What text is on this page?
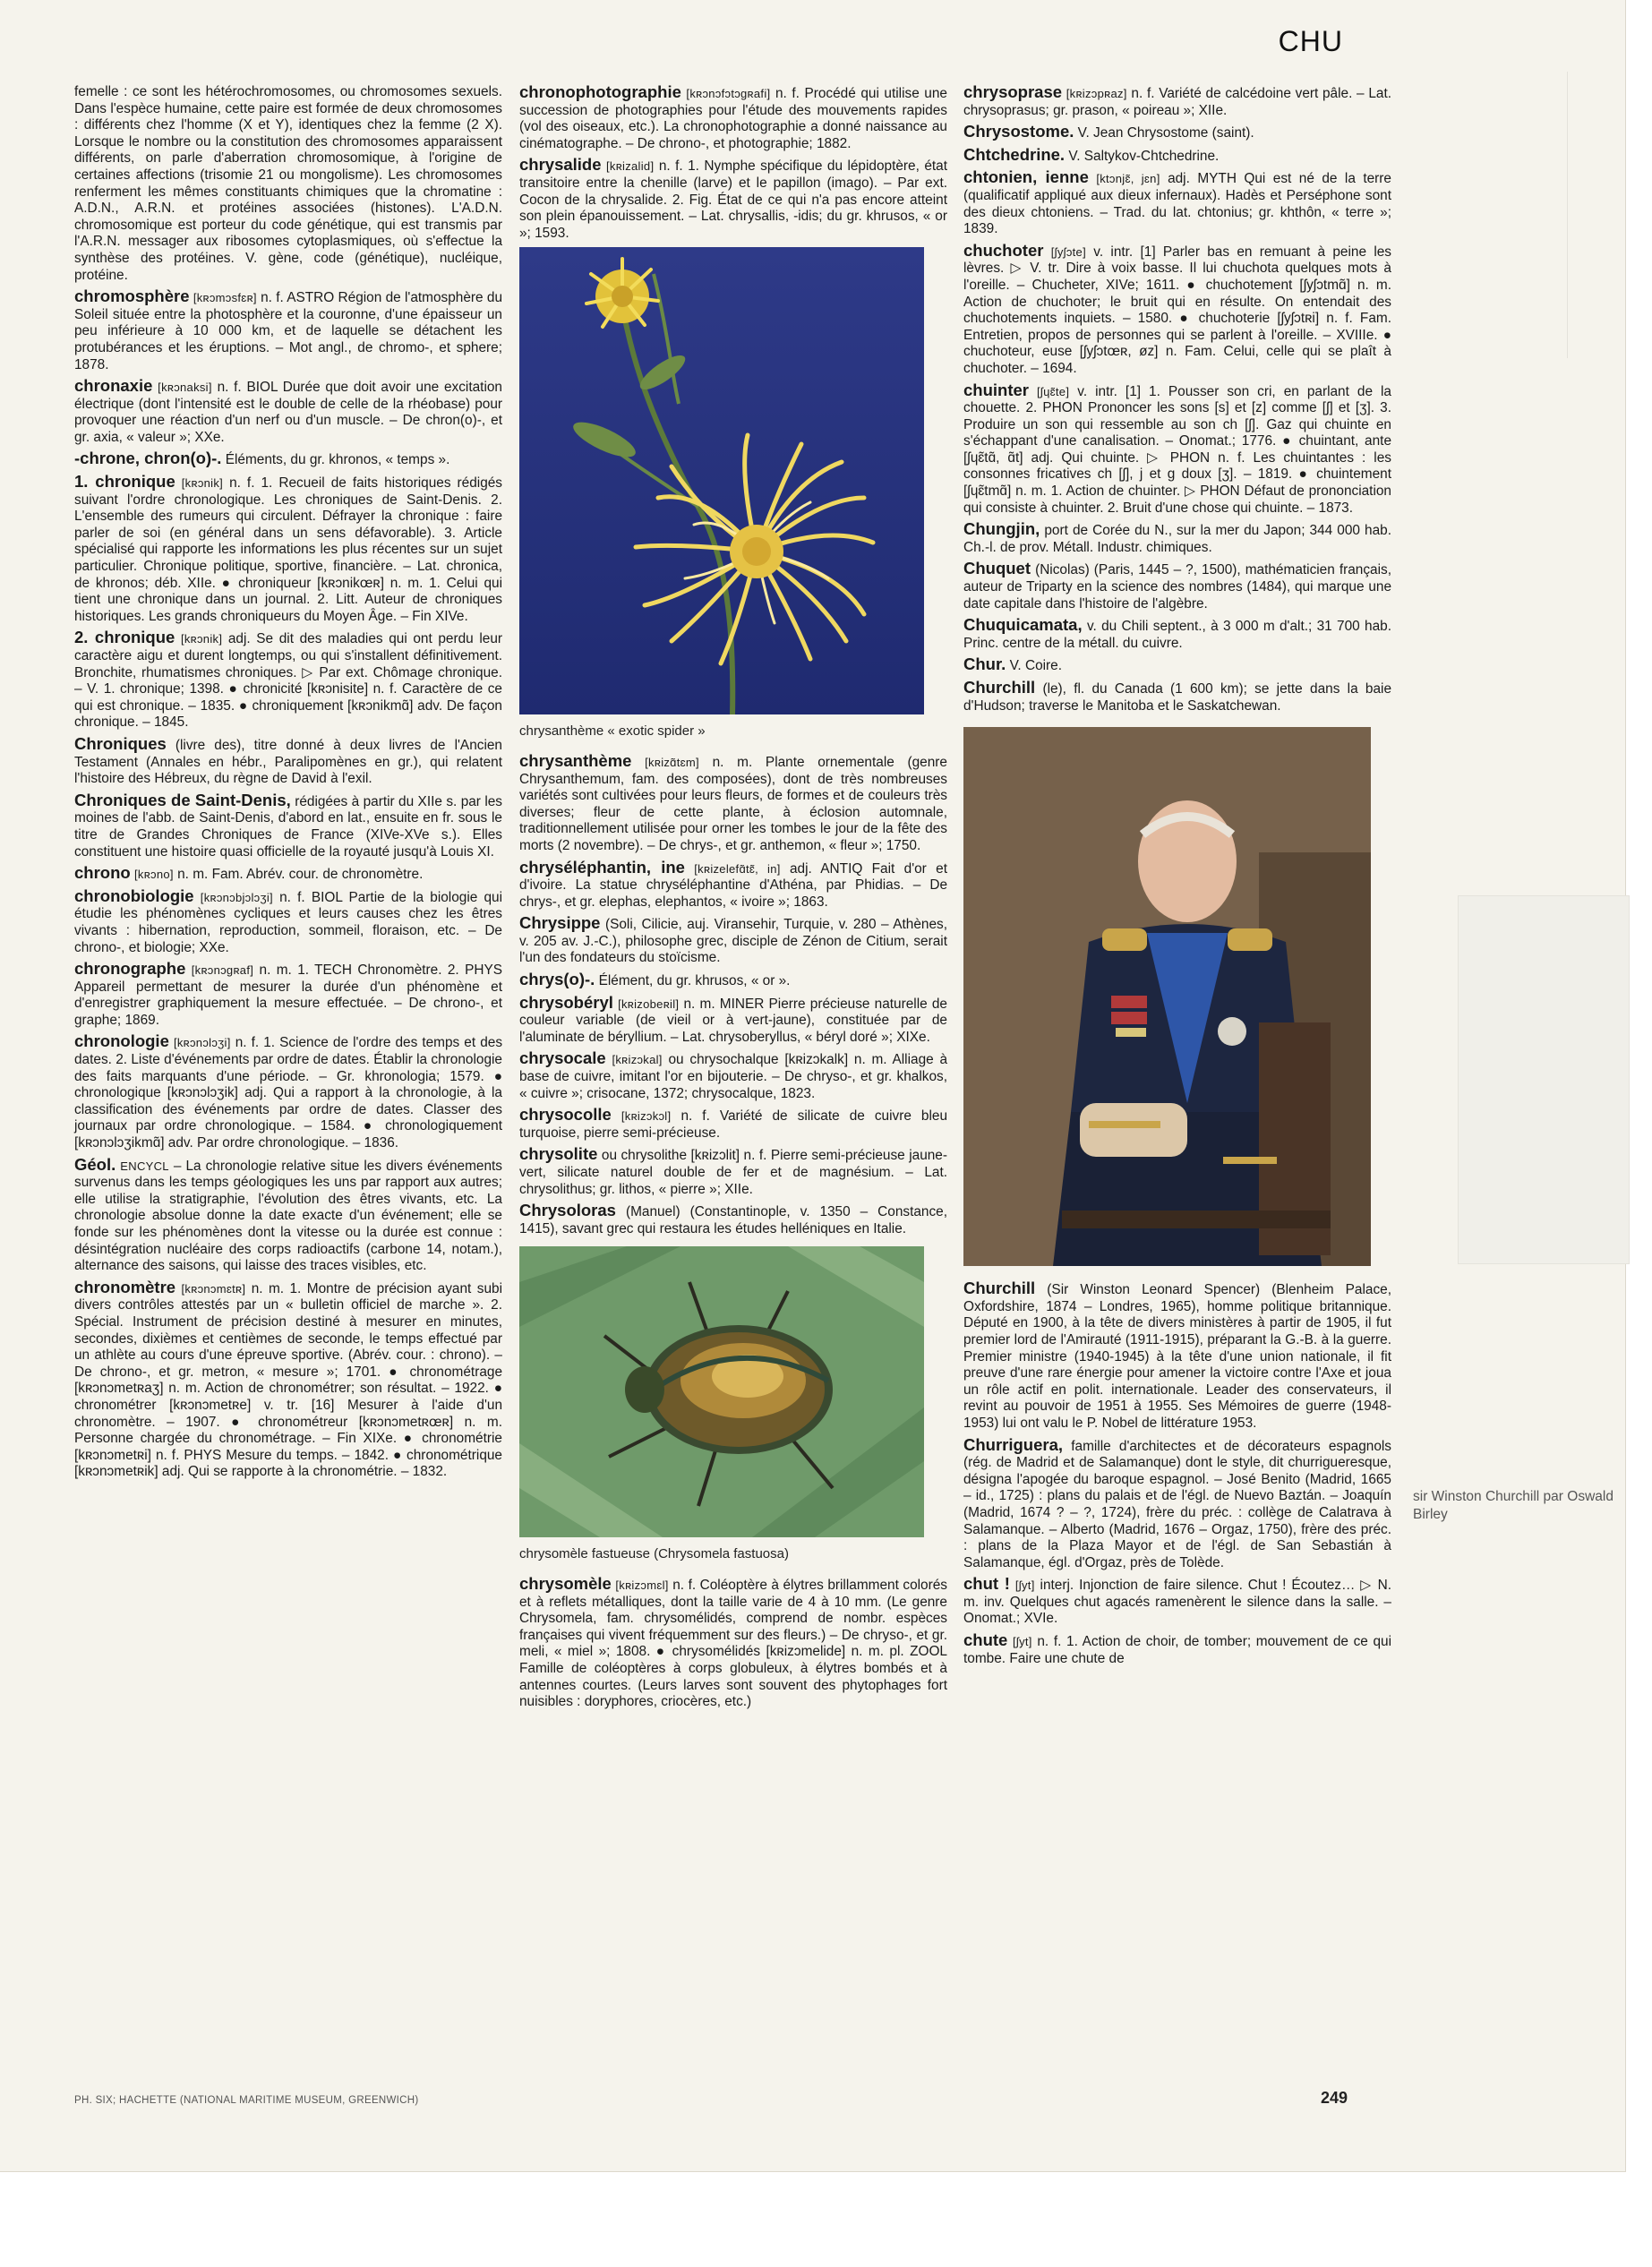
CHU

femelle : ce sont les hétérochromosomes, ou chromosomes sexuels. Dans l'espèce humaine, cette paire est formée de deux chromosomes : différents chez l'homme (X et Y), identiques chez la femme (2 X). Lorsque le nombre ou la constitution des chromosomes apparaissent différents, on parle d'aberration chromosomique, à l'origine de certaines affections (trisomie 21 ou mongolisme). Les chromosomes renferment les mêmes constituants chimiques que la chromatine : A.D.N., A.R.N. et protéines associées (histones). L'A.D.N. chromosomique est porteur du code génétique, qui est transmis par l'A.R.N. messager aux ribosomes cytoplasmiques, où s'effectue la synthèse des protéines. V. gène, code (génétique), nucléique, protéine.

chromosphère [kʀɔmɔsfɛʀ] n. f. ASTRO Région de l'atmosphère du Soleil située entre la photosphère et la couronne, d'une épaisseur un peu inférieure à 10 000 km, et de laquelle se détachent les protubérances et les éruptions. – Mot angl., de chromo-, et sphere; 1878.

chronaxie [kʀɔnaksi] n. f. BIOL Durée que doit avoir une excitation électrique (dont l'intensité est le double de celle de la rhéobase) pour provoquer une réaction d'un nerf ou d'un muscle. – De chron(o)-, et gr. axia, « valeur »; XXe.

-chrone, chron(o)-. Éléments, du gr. khronos, « temps ».

1. chronique [kʀɔnik] n. f. 1. Recueil de faits historiques rédigés suivant l'ordre chronologique. Les chroniques de Saint-Denis. 2. L'ensemble des rumeurs qui circulent. Défrayer la chronique : faire parler de soi (en général dans un sens défavorable). 3. Article spécialisé qui rapporte les informations les plus récentes sur un sujet particulier. Chronique politique, sportive, financière. – Lat. chronica, de khronos; déb. XIIe. ● chroniqueur [kʀɔnikœʀ] n. m. 1. Celui qui tient une chronique dans un journal. 2. Litt. Auteur de chroniques historiques. Les grands chroniqueurs du Moyen Âge. – Fin XIVe.

2. chronique [kʀɔnik] adj. Se dit des maladies qui ont perdu leur caractère aigu et durent longtemps, ou qui s'installent définitivement. Bronchite, rhumatismes chroniques. ▷ Par ext. Chômage chronique. – V. 1. chronique; 1398. ● chronicité [kʀɔnisite] n. f. Caractère de ce qui est chronique. – 1835. ● chroniquement [kʀɔnikmɑ̃] adv. De façon chronique. – 1845.

Chroniques (livre des), titre donné à deux livres de l'Ancien Testament (Annales en hébr., Paralipomènes en gr.), qui relatent l'histoire des Hébreux, du règne de David à l'exil.

Chroniques de Saint-Denis, rédigées à partir du XIIe s. par les moines de l'abb. de Saint-Denis, d'abord en lat., ensuite en fr. sous le titre de Grandes Chroniques de France (XIVe-XVe s.). Elles constituent une histoire quasi officielle de la royauté jusqu'à Louis XI.

chrono [kʀɔno] n. m. Fam. Abrév. cour. de chronomètre.

chronobiologie [kʀɔnɔbjɔlɔʒi] n. f. BIOL Partie de la biologie qui étudie les phénomènes cycliques et leurs causes chez les êtres vivants : hibernation, reproduction, sommeil, floraison, etc. – De chrono-, et biologie; XXe.

chronographe [kʀɔnɔgʀaf] n. m. 1. TECH Chronomètre. 2. PHYS Appareil permettant de mesurer la durée d'un phénomène et d'enregistrer graphiquement la mesure effectuée. – De chrono-, et graphe; 1869.

chronologie [kʀɔnɔlɔʒi] n. f. 1. Science de l'ordre des temps et des dates. 2. Liste d'événements par ordre de dates. Établir la chronologie des faits marquants d'une période. – Gr. khronologia; 1579. ● chronologique [kʀɔnɔlɔʒik] adj. Qui a rapport à la chronologie, à la classification des événements par ordre de dates. Classer des journaux par ordre chronologique. – 1584. ● chronologiquement [kʀɔnɔlɔʒikmɑ̃] adv. Par ordre chronologique. – 1836.

Géol. ENCYCL – La chronologie relative situe les divers événements survenus dans les temps géologiques les uns par rapport aux autres; elle utilise la stratigraphie, l'évolution des êtres vivants, etc. La chronologie absolue donne la date exacte d'un événement; elle se fonde sur les phénomènes dont la vitesse ou la durée est connue : désintégration nucléaire des corps radioactifs (carbone 14, notam.), alternance des saisons, qui laisse des traces visibles, etc.

chronomètre [kʀɔnɔmɛtʀ] n. m. 1. Montre de précision ayant subi divers contrôles attestés par un « bulletin officiel de marche ». 2. Spécial. Instrument de précision destiné à mesurer en minutes, secondes, dixièmes et centièmes de seconde, le temps effectué par un athlète au cours d'une épreuve sportive. (Abrév. cour. : chrono). – De chrono-, et gr. metron, « mesure »; 1701. ● chronométrage [kʀɔnɔmetʀaʒ] n. m. Action de chronométrer; son résultat. – 1922. ● chronométrer [kʀɔnɔmetʀe] v. tr. [16] Mesurer à l'aide d'un chronomètre. – 1907. ● chronométreur [kʀɔnɔmetʀœʀ] n. m. Personne chargée du chronométrage. – Fin XIXe. ● chronométrie [kʀɔnɔmetʀi] n. f. PHYS Mesure du temps. – 1842. ● chronométrique [kʀɔnɔmetʀik] adj. Qui se rapporte à la chronométrie. – 1832.

chronophotographie [kʀɔnɔfɔtɔgʀafi] n. f. Procédé qui utilise une succession de photographies pour l'étude des mouvements rapides (vol des oiseaux, etc.). La chronophotographie a donné naissance au cinématographe. – De chrono-, et photographie; 1882.

chrysalide [kʀizalid] n. f. 1. Nymphe spécifique du lépidoptère, état transitoire entre la chenille (larve) et le papillon (imago). – Par ext. Cocon de la chrysalide. 2. Fig. État de ce qui n'a pas encore atteint son plein épanouissement. – Lat. chrysallis, -idis; du gr. khrusos, « or »; 1593.

chrysanthème « exotic spider »

chrysanthème [kʀizɑ̃tɛm] n. m. Plante ornementale (genre Chrysanthemum, fam. des composées), dont de très nombreuses variétés sont cultivées pour leurs fleurs, de formes et de couleurs très diverses; fleur de cette plante, à éclosion automnale, traditionnellement utilisée pour orner les tombes le jour de la fête des morts (2 novembre). – De chrys-, et gr. anthemon, « fleur »; 1750.

chryséléphantin, ine [kʀizelefɑ̃tɛ̃, in] adj. ANTIQ Fait d'or et d'ivoire. La statue chryséléphantine d'Athéna, par Phidias. – De chrys-, et gr. elephas, elephantos, « ivoire »; 1863.

Chrysippe (Soli, Cilicie, auj. Viransehir, Turquie, v. 280 – Athènes, v. 205 av. J.-C.), philosophe grec, disciple de Zénon de Citium, serait l'un des fondateurs du stoïcisme.

chrys(o)-. Élément, du gr. khrusos, « or ».

chrysobéryl [kʀizobeʀil] n. m. MINER Pierre précieuse naturelle de couleur variable (de vieil or à vert-jaune), constituée par de l'aluminate de béryllium. – Lat. chrysoberyllus, « béryl doré »; XIXe.

chrysocale [kʀizɔkal] ou chrysochalque [kʀizɔkalk] n. m. Alliage à base de cuivre, imitant l'or en bijouterie. – De chryso-, et gr. khalkos, « cuivre »; crisocane, 1372; chrysocalque, 1823.

chrysocolle [kʀizɔkɔl] n. f. Variété de silicate de cuivre bleu turquoise, pierre semi-précieuse.

chrysolite ou chrysolithe [kʀizɔlit] n. f. Pierre semi-précieuse jaune-vert, silicate naturel double de fer et de magnésium. – Lat. chrysolithus; gr. lithos, « pierre »; XIIe.

Chrysoloras (Manuel) (Constantinople, v. 1350 – Constance, 1415), savant grec qui restaura les études helléniques en Italie.

chrysomèle fastueuse (Chrysomela fastuosa)

chrysomèle [kʀizɔmɛl] n. f. Coléoptère à élytres brillamment colorés et à reflets métalliques, dont la taille varie de 4 à 10 mm. (Le genre Chrysomela, fam. chrysomélidés, comprend de nombr. espèces françaises qui vivent fréquemment sur des fleurs.) – De chryso-, et gr. meli, « miel »; 1808. ● chrysomélidés [kʀizɔmelide] n. m. pl. ZOOL Famille de coléoptères à corps globuleux, à élytres bombés et à antennes courtes. (Leurs larves sont souvent des phytophages fort nuisibles : doryphores, criocères, etc.)

chrysoprase [kʀizɔpʀaz] n. f. Variété de calcédoine vert pâle. – Lat. chrysoprasus; gr. prason, « poireau »; XIIe.

Chrysostome. V. Jean Chrysostome (saint).

Chtchedrine. V. Saltykov-Chtchedrine.

chtonien, ienne [ktɔnjɛ̃, jɛn] adj. MYTH Qui est né de la terre (qualificatif appliqué aux dieux infernaux). Hadès et Perséphone sont des dieux chtoniens. – Trad. du lat. chtonius; gr. khthôn, « terre »; 1839.

chuchoter [ʃyʃɔte] v. intr. [1] Parler bas en remuant à peine les lèvres. ▷ V. tr. Dire à voix basse. Il lui chuchota quelques mots à l'oreille. – Chucheter, XIVe; 1611. ● chuchotement [ʃyʃɔtmɑ̃] n. m. Action de chuchoter; le bruit qui en résulte. On entendait des chuchotements inquiets. – 1580. ● chuchoterie [ʃyʃɔtʀi] n. f. Fam. Entretien, propos de personnes qui se parlent à l'oreille. – XVIIIe. ● chuchoteur, euse [ʃyʃɔtœʀ, øz] n. Fam. Celui, celle qui se plaît à chuchoter. – 1694.

chuinter [ʃɥɛ̃te] v. intr. [1] 1. Pousser son cri, en parlant de la chouette. 2. PHON Prononcer les sons [s] et [z] comme [ʃ] et [ʒ]. 3. Produire un son qui ressemble au son ch [ʃ]. Gaz qui chuinte en s'échappant d'une canalisation. – Onomat.; 1776. ● chuintant, ante [ʃɥɛ̃tɑ̃, ɑ̃t] adj. Qui chuinte. ▷ PHON n. f. Les chuintantes : les consonnes fricatives ch [ʃ], j et g doux [ʒ]. – 1819. ● chuintement [ʃɥɛ̃tmɑ̃] n. m. 1. Action de chuinter. ▷ PHON Défaut de prononciation qui consiste à chuinter. 2. Bruit d'une chose qui chuinte. – 1873.

Chungjin, port de Corée du N., sur la mer du Japon; 344 000 hab. Ch.-l. de prov. Métall. Industr. chimiques.

Chuquet (Nicolas) (Paris, 1445 – ?, 1500), mathématicien français, auteur de Triparty en la science des nombres (1484), qui marque une date capitale dans l'histoire de l'algèbre.

Chuquicamata, v. du Chili septent., à 3 000 m d'alt.; 31 700 hab. Princ. centre de la métall. du cuivre.

Chur. V. Coire.

Churchill (le), fl. du Canada (1 600 km); se jette dans la baie d'Hudson; traverse le Manitoba et le Saskatchewan.

Churchill (Sir Winston Leonard Spencer) (Blenheim Palace, Oxfordshire, 1874 – Londres, 1965), homme politique britannique. Député en 1900, à la tête de divers ministères à partir de 1905, il fut premier lord de l'Amirauté (1911-1915), préparant la G.-B. à la guerre. Premier ministre (1940-1945) à la tête d'une union nationale, il fit preuve d'une rare énergie pour amener la victoire contre l'Axe et joua un rôle actif en polit. internationale. Leader des conservateurs, il revint au pouvoir de 1951 à 1955. Ses Mémoires de guerre (1948-1953) lui ont valu le P. Nobel de littérature 1953.

Churriguera, famille d'architectes et de décorateurs espagnols (rég. de Madrid et de Salamanque) dont le style, dit churrigueresque, désigna l'apogée du baroque espagnol. – José Benito (Madrid, 1665 – id., 1725) : plans du palais et de l'égl. de Nuevo Baztán. – Joaquín (Madrid, 1674 ? – ?, 1724), frère du préc. : collège de Calatrava à Salamanque. – Alberto (Madrid, 1676 – Orgaz, 1750), frère des préc. : plans de la Plaza Mayor et de l'égl. de San Sebastián à Salamanque, égl. d'Orgaz, près de Tolède.

chut ! [ʃyt] interj. Injonction de faire silence. Chut ! Écoutez… ▷ N. m. inv. Quelques chut agacés ramenèrent le silence dans la salle. – Onomat.; XVIe.

chute [ʃyt] n. f. 1. Action de choir, de tomber; mouvement de ce qui tombe. Faire une chute de

sir Winston Churchill par Oswald Birley
PH. SIX; HACHETTE (NATIONAL MARITIME MUSEUM, GREENWICH)	249
